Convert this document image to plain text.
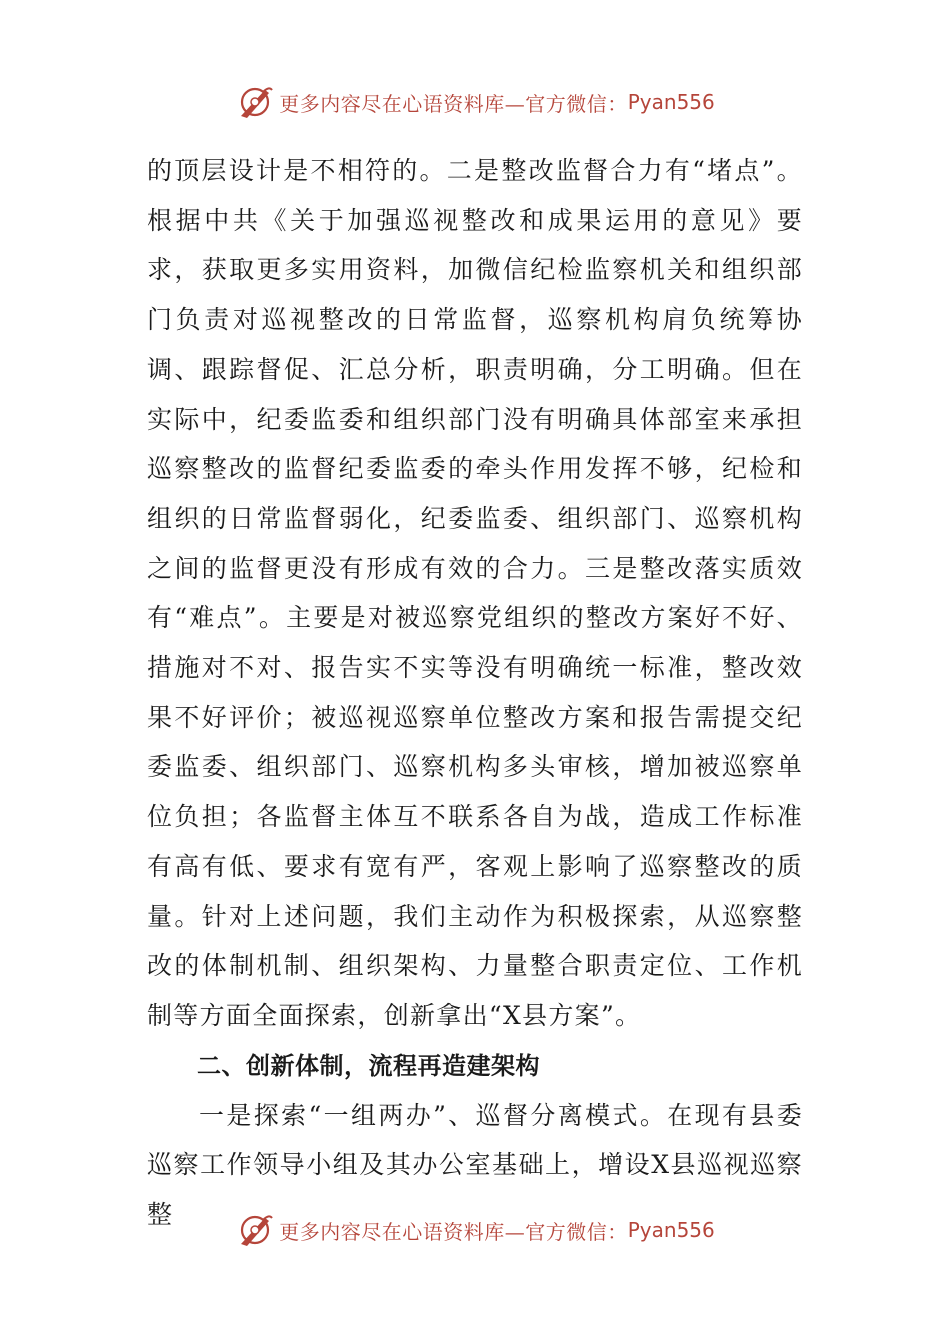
更多内容尽在心语资料库—官方微信： Pyan556

的顶层设计是不相符的。二是整改监督合力有“堵点”。根据中共《关于加强巡视整改和成果运用的意见》要求，获取更多实用资料，加微信纪检监察机关和组织部门负责对巡视整改的日常监督，巡察机构肩负统筹协调、跟踪督促、汇总分析，职责明确，分工明确。但在实际中，纪委监委和组织部门没有明确具体部室来承担巡察整改的监督纪委监委的牵头作用发挥不够，纪检和组织的日常监督弱化，纪委监委、组织部门、巡察机构之间的监督更没有形成有效的合力。三是整改落实质效有“难点”。主要是对被巡察党组织的整改方案好不好、措施对不对、报告实不实等没有明确统一标准，整改效果不好评价；被巡视巡察单位整改方案和报告需提交纪委监委、组织部门、巡察机构多头审核，增加被巡察单位负担；各监督主体互不联系各自为战，造成工作标准有高有低、要求有宽有严，客观上影响了巡察整改的质量。针对上述问题，我们主动作为积极探索，从巡察整改的体制机制、组织架构、力量整合职责定位、工作机制等方面全面探索，创新拿出“X县方案”。

二、创新体制，流程再造建架构

一是探索“一组两办”、巡督分离模式。在现有县委巡察工作领导小组及其办公室基础上，增设X县巡视巡察整

更多内容尽在心语资料库—官方微信： Pyan556
